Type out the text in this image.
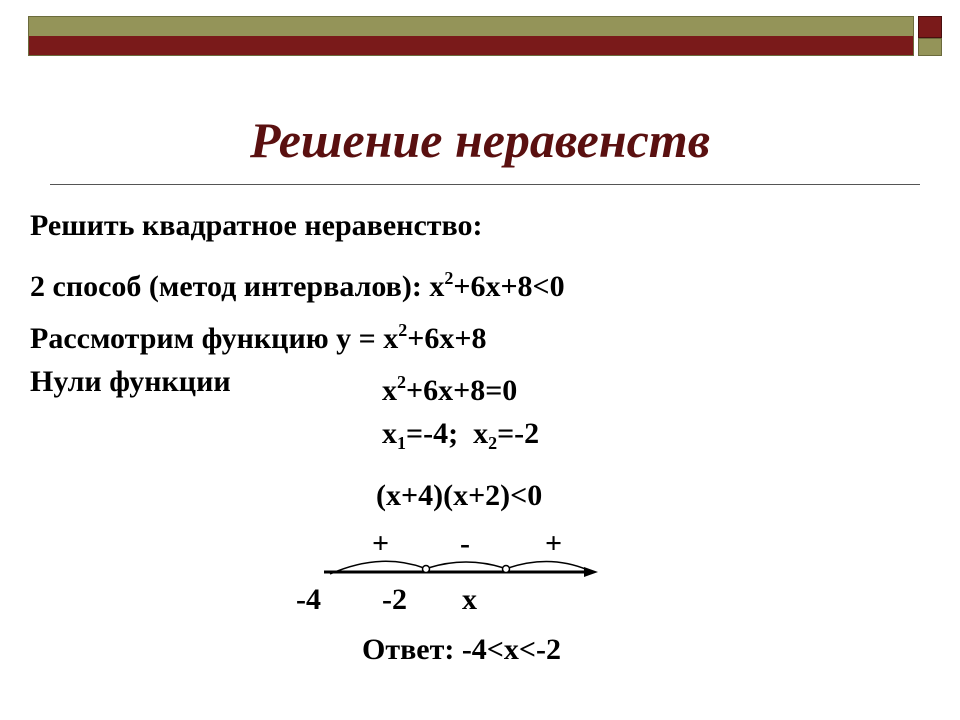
Решение неравенств
Решить квадратное неравенство:
2 способ (метод интервалов): $х^2+6х+8<0$
Рассмотрим функцию $у = х^2+6х+8$
Нули функции	$х^2+6х+8=0$
$х_1=-4$; $х_2=-2$
(х+4)(х+2)<0
+ -	+
-4 -2 х
Ответ: -4<х<-2
